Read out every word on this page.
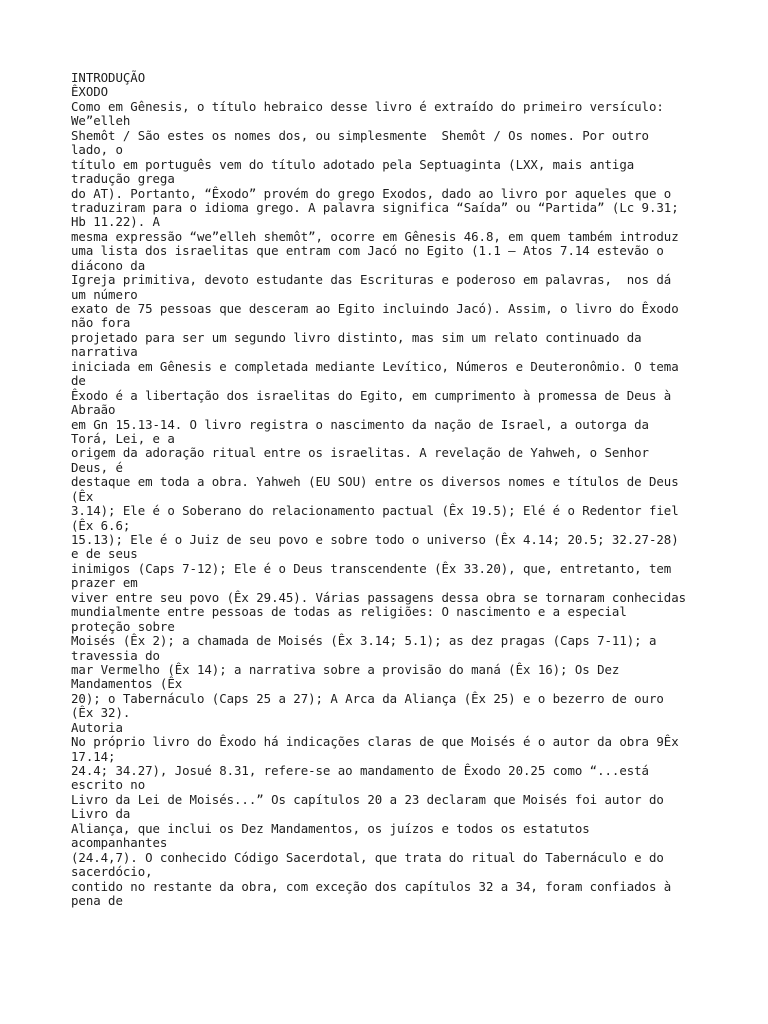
INTRODUÇÃO
ÊXODO
Como em Gênesis, o título hebraico desse livro é extraído do primeiro versículo:
We”elleh
Shemôt / São estes os nomes dos, ou simplesmente  Shemôt / Os nomes. Por outro
lado, o
título em português vem do título adotado pela Septuaginta (LXX, mais antiga
tradução grega
do AT). Portanto, “Êxodo” provém do grego Exodos, dado ao livro por aqueles que o
traduziram para o idioma grego. A palavra significa “Saída” ou “Partida” (Lc 9.31;
Hb 11.22). A
mesma expressão “we”elleh shemôt”, ocorre em Gênesis 46.8, em quem também introduz
uma lista dos israelitas que entram com Jacó no Egito (1.1 – Atos 7.14 estevão o
diácono da
Igreja primitiva, devoto estudante das Escrituras e poderoso em palavras,  nos dá
um número
exato de 75 pessoas que desceram ao Egito incluindo Jacó). Assim, o livro do Êxodo
não fora
projetado para ser um segundo livro distinto, mas sim um relato continuado da
narrativa
iniciada em Gênesis e completada mediante Levítico, Números e Deuteronômio. O tema
de
Êxodo é a libertação dos israelitas do Egito, em cumprimento à promessa de Deus à
Abraão
em Gn 15.13-14. O livro registra o nascimento da nação de Israel, a outorga da
Torá, Lei, e a
origem da adoração ritual entre os israelitas. A revelação de Yahweh, o Senhor
Deus, é
destaque em toda a obra. Yahweh (EU SOU) entre os diversos nomes e títulos de Deus
(Êx
3.14); Ele é o Soberano do relacionamento pactual (Êx 19.5); Elé é o Redentor fiel
(Êx 6.6;
15.13); Ele é o Juiz de seu povo e sobre todo o universo (Êx 4.14; 20.5; 32.27-28)
e de seus
inimigos (Caps 7-12); Ele é o Deus transcendente (Êx 33.20), que, entretanto, tem
prazer em
viver entre seu povo (Êx 29.45). Várias passagens dessa obra se tornaram conhecidas
mundialmente entre pessoas de todas as religiões: O nascimento e a especial
proteção sobre
Moisés (Êx 2); a chamada de Moisés (Êx 3.14; 5.1); as dez pragas (Caps 7-11); a
travessia do
mar Vermelho (Êx 14); a narrativa sobre a provisão do maná (Êx 16); Os Dez
Mandamentos (Êx
20); o Tabernáculo (Caps 25 a 27); A Arca da Aliança (Êx 25) e o bezerro de ouro
(Êx 32).
Autoria
No próprio livro do Êxodo há indicações claras de que Moisés é o autor da obra 9Êx
17.14;
24.4; 34.27), Josué 8.31, refere-se ao mandamento de Êxodo 20.25 como “...está
escrito no
Livro da Lei de Moisés...” Os capítulos 20 a 23 declaram que Moisés foi autor do
Livro da
Aliança, que inclui os Dez Mandamentos, os juízos e todos os estatutos
acompanhantes
(24.4,7). O conhecido Código Sacerdotal, que trata do ritual do Tabernáculo e do
sacerdócio,
contido no restante da obra, com exceção dos capítulos 32 a 34, foram confiados à
pena de
